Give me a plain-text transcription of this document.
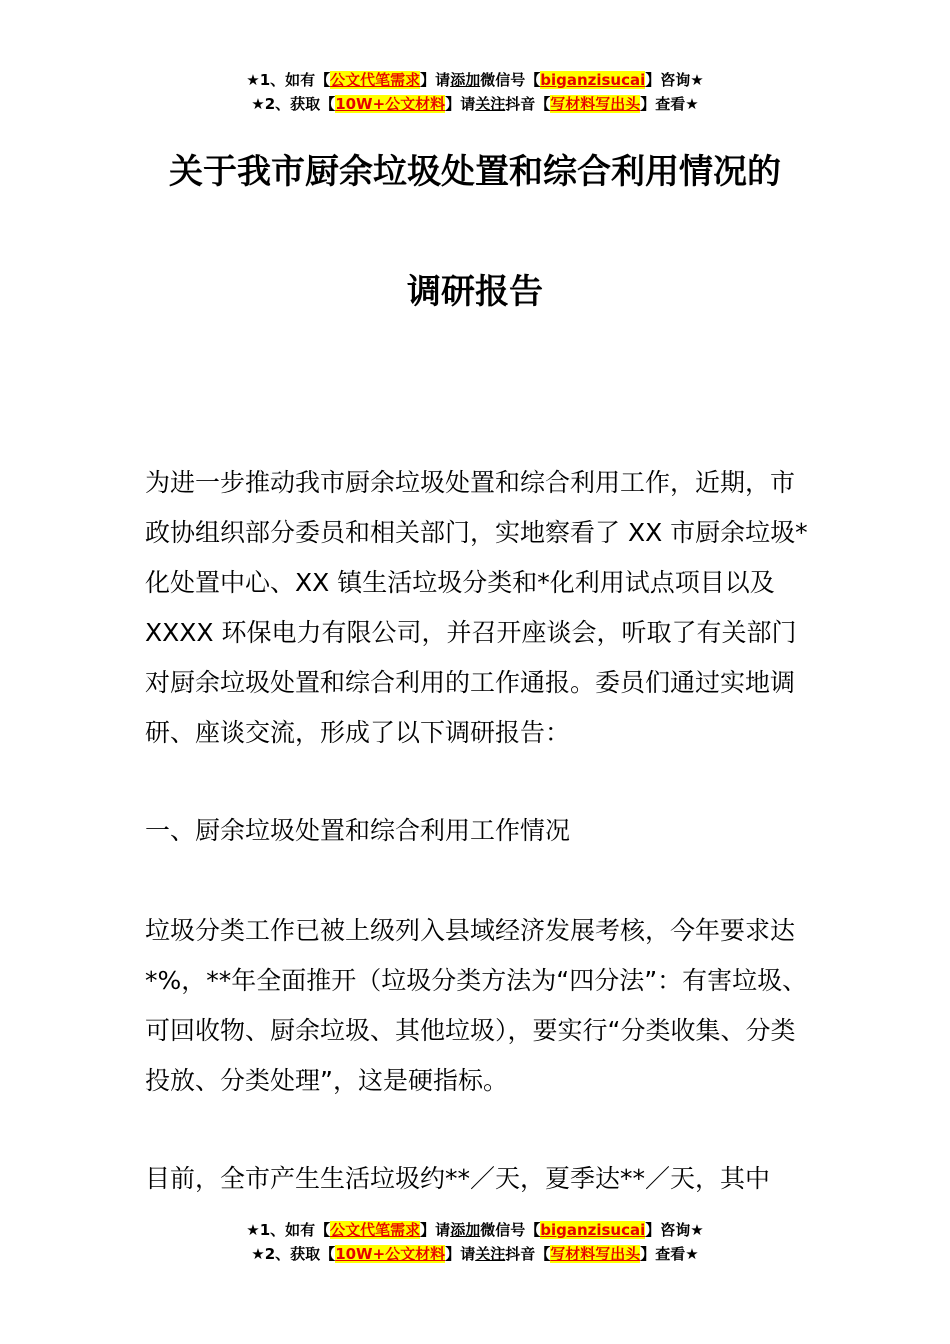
★1、如有【公文代笔需求】请添加微信号【biganzisucai】咨询★
★2、获取【10W+公文材料】请关注抖音【写材料写出头】查看★
关于我市厨余垃圾处置和综合利用情况的
调研报告

为进一步推动我市厨余垃圾处置和综合利用工作，近期，市政协组织部分委员和相关部门，实地察看了 XX 市厨余垃圾*化处置中心、XX 镇生活垃圾分类和*化利用试点项目以及 XXXX 环保电力有限公司，并召开座谈会，听取了有关部门对厨余垃圾处置和综合利用的工作通报。委员们通过实地调研、座谈交流，形成了以下调研报告：

一、厨余垃圾处置和综合利用工作情况

垃圾分类工作已被上级列入县域经济发展考核，今年要求达*%，**年全面推开（垃圾分类方法为“四分法”：有害垃圾、可回收物、厨余垃圾、其他垃圾），要实行“分类收集、分类投放、分类处理”，这是硬指标。

目前，全市产生生活垃圾约**／天，夏季达**／天，其中

★1、如有【公文代笔需求】请添加微信号【biganzisucai】咨询★
★2、获取【10W+公文材料】请关注抖音【写材料写出头】查看★
